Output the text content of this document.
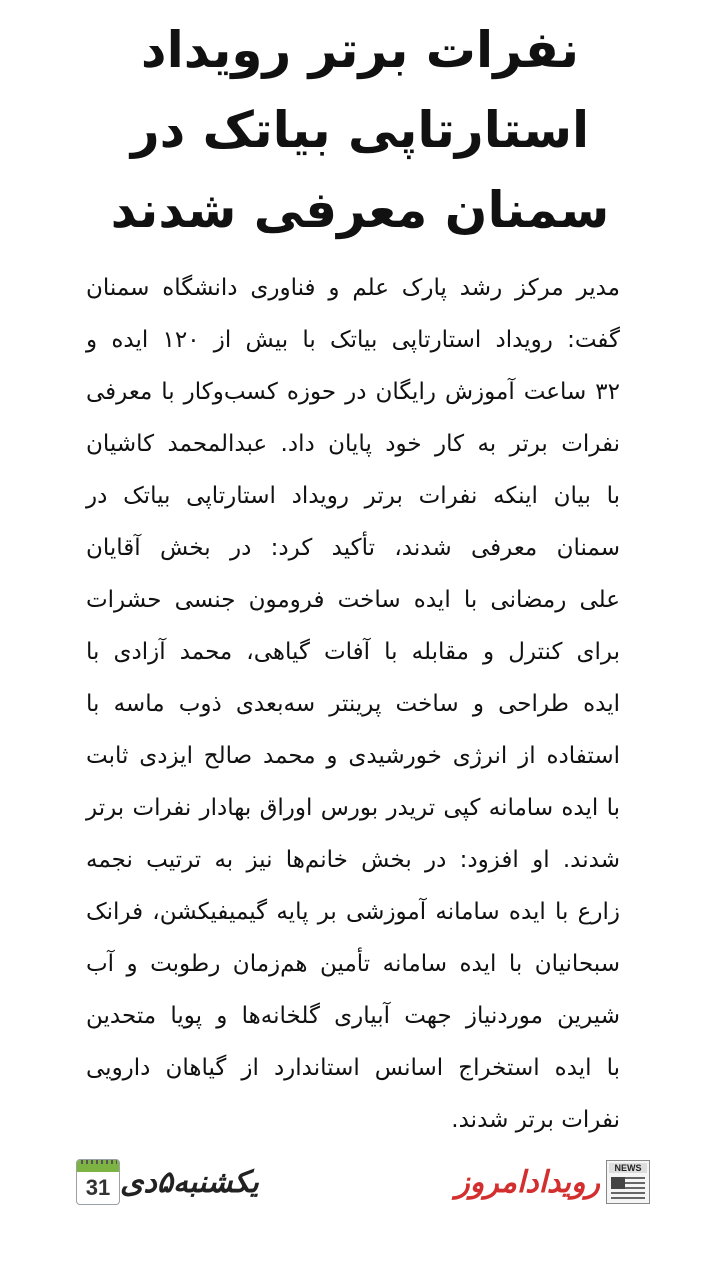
نفرات برتر رویداد
استارتاپی بیاتک در
سمنان معرفی شدند
مدیر مرکز رشد پارک علم و فناوری دانشگاه سمنان
گفت: رویداد استارتاپی بیاتک با بیش از ۱۲۰ ایده و
۳۲ ساعت آموزش رایگان در حوزه کسب‌وکار با معرفی
نفرات برتر به کار خود پایان داد. عبدالمحمد کاشیان
با بیان اینکه نفرات برتر رویداد استارتاپی بیاتک در
سمنان معرفی شدند، تأکید کرد: در بخش آقایان
علی رمضانی با ایده ساخت فرومون جنسی حشرات
برای کنترل و مقابله با آفات گیاهی، محمد آزادی با
ایده طراحی و ساخت پرینتر سه‌بعدی ذوب ماسه با
استفاده از انرژی خورشیدی و محمد صالح ایزدی ثابت
با ایده سامانه کپی تریدر بورس اوراق بهادار نفرات برتر
شدند. او افزود: در بخش خانم‌ها نیز به ترتیب نجمه
زارع با ایده سامانه آموزشی بر پایه گیمیفیکشن، فرانک
سبحانیان با ایده سامانه تأمین هم‌زمان رطوبت و آب
شیرین موردنیاز جهت آبیاری گلخانه‌ها و پویا متحدین
با ایده استخراج اسانس استاندارد از گیاهان دارویی
نفرات برتر شدند.
31 یکشنبه۵دی	رویدادامروز	NEWS
